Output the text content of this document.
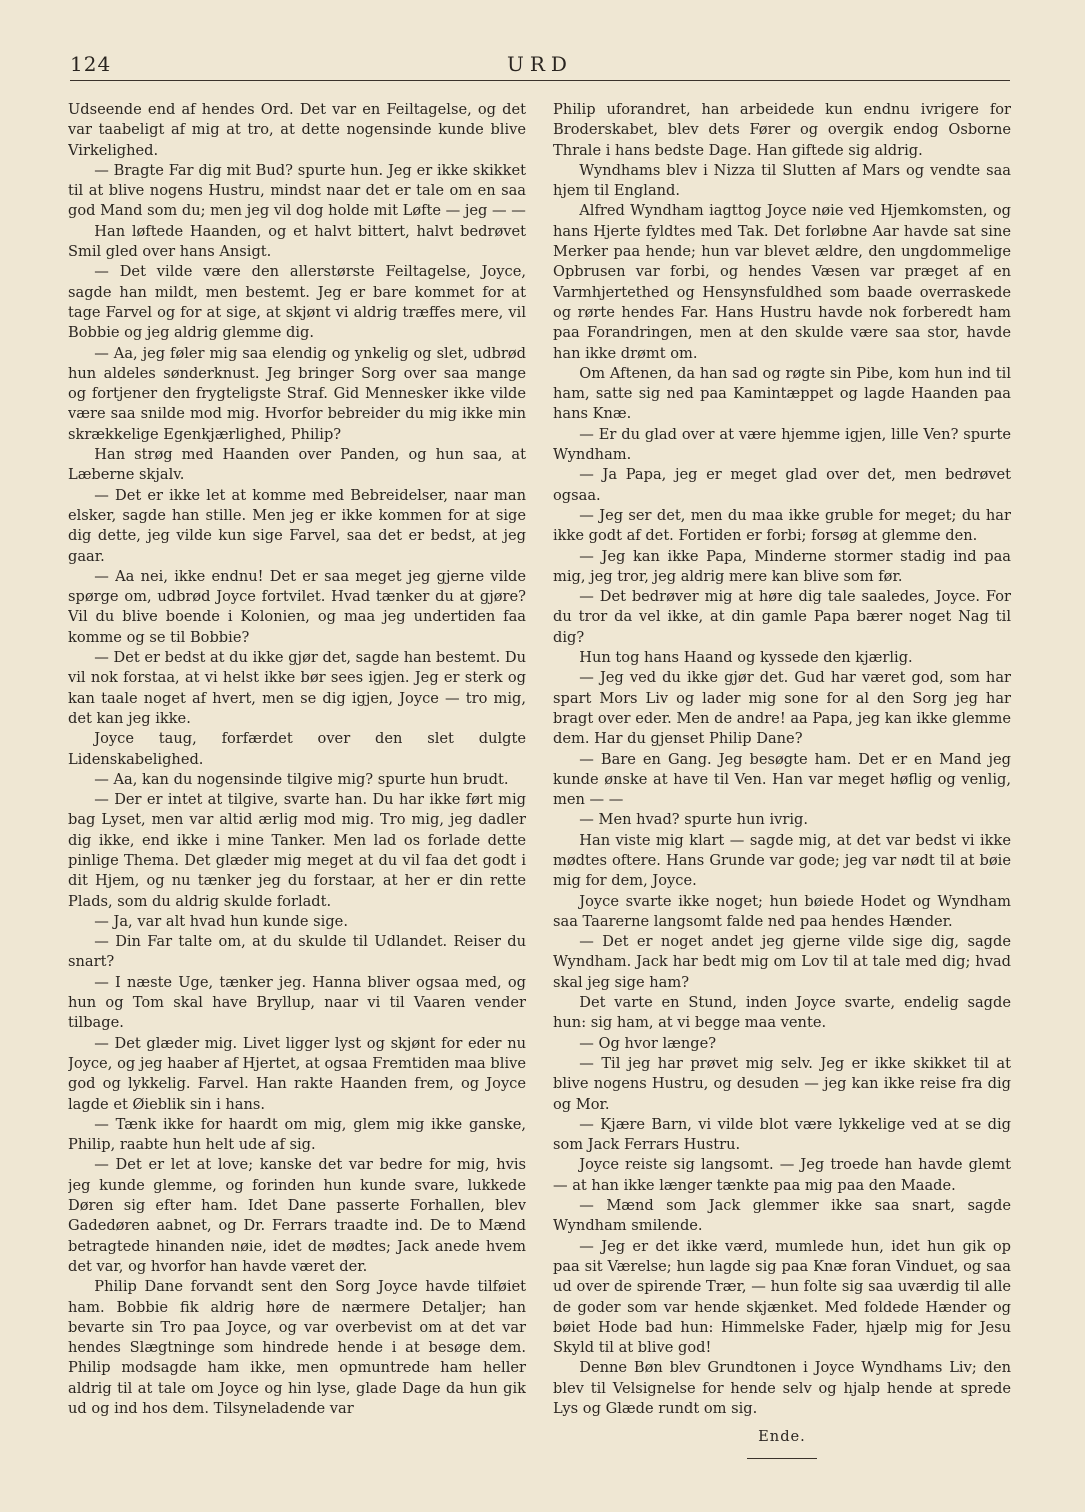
124	URD

Udseende end af hendes Ord. Det var en Feiltagelse, og det var taabeligt af mig at tro, at dette nogensinde kunde blive Virkelighed.

— Bragte Far dig mit Bud? spurte hun. Jeg er ikke skikket til at blive nogens Hustru, mindst naar det er tale om en saa god Mand som du; men jeg vil dog holde mit Løfte — jeg — —

Han løftede Haanden, og et halvt bittert, halvt bedrøvet Smil gled over hans Ansigt.

— Det vilde være den allerstørste Feiltagelse, Joyce, sagde han mildt, men bestemt. Jeg er bare kommet for at tage Farvel og for at sige, at skjønt vi aldrig træffes mere, vil Bobbie og jeg aldrig glemme dig.

— Aa, jeg føler mig saa elendig og ynkelig og slet, udbrød hun aldeles sønderknust. Jeg bringer Sorg over saa mange og fortjener den frygteligste Straf. Gid Mennesker ikke vilde være saa snilde mod mig. Hvorfor bebreider du mig ikke min skrækkelige Egenkjærlighed, Philip?

Han strøg med Haanden over Panden, og hun saa, at Læberne skjalv.

— Det er ikke let at komme med Bebreidelser, naar man elsker, sagde han stille. Men jeg er ikke kommen for at sige dig dette, jeg vilde kun sige Farvel, saa det er bedst, at jeg gaar.

— Aa nei, ikke endnu! Det er saa meget jeg gjerne vilde spørge om, udbrød Joyce fortvilet. Hvad tænker du at gjøre? Vil du blive boende i Kolonien, og maa jeg undertiden faa komme og se til Bobbie?

— Det er bedst at du ikke gjør det, sagde han bestemt. Du vil nok forstaa, at vi helst ikke bør sees igjen. Jeg er sterk og kan taale noget af hvert, men se dig igjen, Joyce — tro mig, det kan jeg ikke.

Joyce taug, forfærdet over den slet dulgte Lidenskabelighed.

— Aa, kan du nogensinde tilgive mig? spurte hun brudt.

— Der er intet at tilgive, svarte han. Du har ikke ført mig bag Lyset, men var altid ærlig mod mig. Tro mig, jeg dadler dig ikke, end ikke i mine Tanker. Men lad os forlade dette pinlige Thema. Det glæder mig meget at du vil faa det godt i dit Hjem, og nu tænker jeg du forstaar, at her er din rette Plads, som du aldrig skulde forladt.

— Ja, var alt hvad hun kunde sige.

— Din Far talte om, at du skulde til Udlandet. Reiser du snart?

— I næste Uge, tænker jeg. Hanna bliver ogsaa med, og hun og Tom skal have Bryllup, naar vi til Vaaren vender tilbage.

— Det glæder mig. Livet ligger lyst og skjønt for eder nu Joyce, og jeg haaber af Hjertet, at ogsaa Fremtiden maa blive god og lykkelig. Farvel. Han rakte Haanden frem, og Joyce lagde et Øieblik sin i hans.

— Tænk ikke for haardt om mig, glem mig ikke ganske, Philip, raabte hun helt ude af sig.

— Det er let at love; kanske det var bedre for mig, hvis jeg kunde glemme, og forinden hun kunde svare, lukkede Døren sig efter ham. Idet Dane passerte Forhallen, blev Gadedøren aabnet, og Dr. Ferrars traadte ind. De to Mænd betragtede hinanden nøie, idet de mødtes; Jack anede hvem det var, og hvorfor han havde været der.

Philip Dane forvandt sent den Sorg Joyce havde tilføiet ham. Bobbie fik aldrig høre de nærmere Detaljer; han bevarte sin Tro paa Joyce, og var overbevist om at det var hendes Slægtninge som hindrede hende i at besøge dem. Philip modsagde ham ikke, men opmuntrede ham heller aldrig til at tale om Joyce og hin lyse, glade Dage da hun gik ud og ind hos dem. Tilsyneladende var

Philip uforandret, han arbeidede kun endnu ivrigere for Broderskabet, blev dets Fører og overgik endog Osborne Thrale i hans bedste Dage. Han giftede sig aldrig.

Wyndhams blev i Nizza til Slutten af Mars og vendte saa hjem til England.

Alfred Wyndham iagttog Joyce nøie ved Hjemkomsten, og hans Hjerte fyldtes med Tak. Det forløbne Aar havde sat sine Merker paa hende; hun var blevet ældre, den ungdommelige Opbrusen var forbi, og hendes Væsen var præget af en Varmhjertethed og Hensynsfuldhed som baade overraskede og rørte hendes Far. Hans Hustru havde nok forberedt ham paa Forandringen, men at den skulde være saa stor, havde han ikke drømt om.

Om Aftenen, da han sad og røgte sin Pibe, kom hun ind til ham, satte sig ned paa Kamintæppet og lagde Haanden paa hans Knæ.

— Er du glad over at være hjemme igjen, lille Ven? spurte Wyndham.

— Ja Papa, jeg er meget glad over det, men bedrøvet ogsaa.

— Jeg ser det, men du maa ikke gruble for meget; du har ikke godt af det. Fortiden er forbi; forsøg at glemme den.

— Jeg kan ikke Papa, Minderne stormer stadig ind paa mig, jeg tror, jeg aldrig mere kan blive som før.

— Det bedrøver mig at høre dig tale saaledes, Joyce. For du tror da vel ikke, at din gamle Papa bærer noget Nag til dig?

Hun tog hans Haand og kyssede den kjærlig.

— Jeg ved du ikke gjør det. Gud har været god, som har spart Mors Liv og lader mig sone for al den Sorg jeg har bragt over eder. Men de andre! aa Papa, jeg kan ikke glemme dem. Har du gjenset Philip Dane?

— Bare en Gang. Jeg besøgte ham. Det er en Mand jeg kunde ønske at have til Ven. Han var meget høflig og venlig, men — —

— Men hvad? spurte hun ivrig.

Han viste mig klart — sagde mig, at det var bedst vi ikke mødtes oftere. Hans Grunde var gode; jeg var nødt til at bøie mig for dem, Joyce.

Joyce svarte ikke noget; hun bøiede Hodet og Wyndham saa Taarerne langsomt falde ned paa hendes Hænder.

— Det er noget andet jeg gjerne vilde sige dig, sagde Wyndham. Jack har bedt mig om Lov til at tale med dig; hvad skal jeg sige ham?

Det varte en Stund, inden Joyce svarte, endelig sagde hun: sig ham, at vi begge maa vente.

— Og hvor længe?

— Til jeg har prøvet mig selv. Jeg er ikke skikket til at blive nogens Hustru, og desuden — jeg kan ikke reise fra dig og Mor.

— Kjære Barn, vi vilde blot være lykkelige ved at se dig som Jack Ferrars Hustru.

Joyce reiste sig langsomt. — Jeg troede han havde glemt — at han ikke længer tænkte paa mig paa den Maade.

— Mænd som Jack glemmer ikke saa snart, sagde Wyndham smilende.

— Jeg er det ikke værd, mumlede hun, idet hun gik op paa sit Værelse; hun lagde sig paa Knæ foran Vinduet, og saa ud over de spirende Trær, — hun folte sig saa uværdig til alle de goder som var hende skjænket. Med foldede Hænder og bøiet Hode bad hun: Himmelske Fader, hjælp mig for Jesu Skyld til at blive god!

Denne Bøn blev Grundtonen i Joyce Wyndhams Liv; den blev til Velsignelse for hende selv og hjalp hende at sprede Lys og Glæde rundt om sig.

Ende.
